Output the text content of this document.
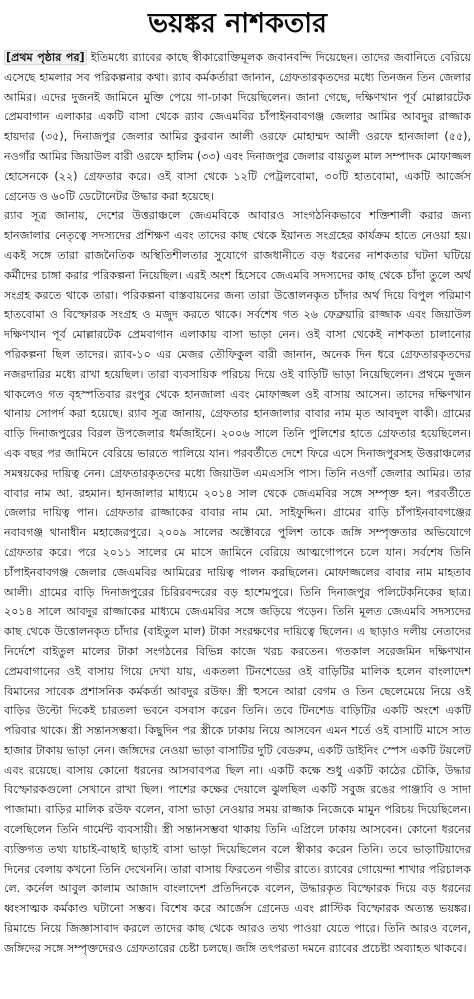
ভয়ঙ্কর নাশকতার

[প্রথম পৃষ্ঠার পর] ইতিমধ্যে র‌্যাবের কাছে স্বীকারোক্তিমূলক জবানবন্দি দিয়েছেন। তাদের জবানিতে বেরিয়ে এসেছে হামলার সব পরিকল্পনার কথা। র‌্যাব কর্মকর্তারা জানান, গ্রেফতারকৃতদের মধ্যে তিনজন তিন জেলার আমির। এদের দুজনই জামিনে মুক্তি পেয়ে গা-ঢাকা দিয়েছিলেন। জানা গেছে, দক্ষিণখান পূর্ব মোল্লারটেক প্রেমবাগান এলাকার একটি বাসা থেকে র‌্যাব জেএমবির চাঁপাইনবাবগঞ্জ জেলার আমির আবদুর রাজ্জাক হায়দার (৩৫), দিনাজপুর জেলার আমির কুরবান আলী ওরফে মোহাম্মদ আলী ওরফে হানজালা (৫৫), নওগাঁর আমির জিয়াউল বারী ওরফে হালিম (৩৩) এবং দিনাজপুর জেলার বায়তুল মাল সম্পাদক মোফাজ্জল হোসেনকে (২২) গ্রেফতার করে। ওই বাসা থেকে ১২টি পেট্রলবোমা, ৩০টি হাতবোমা, একটি আর্জেস গ্রেনেড ও ৬০টি ডেটোনেটর উদ্ধার করা হয়েছে।

র‌্যাব সূত্র জানায়, দেশের উত্তরাঞ্চলে জেএমবিকে আবারও সাংগঠনিকভাবে শক্তিশালী করার জন্য হানজালার নেতৃত্বে সদস্যদের প্রশিক্ষণ এবং তাদের কাছ থেকে ইয়ানত সংগ্রহের কার্যক্রম হাতে নেওয়া হয়। একই সঙ্গে তারা রাজনৈতিক অস্থিতিশীলতার সুযোগে রাজধানীতে বড় ধরনের নাশকতার ঘটনা ঘটিয়ে কর্মীদের চাঙ্গা করার পরিকল্পনা নিয়েছিল। এরই অংশ হিসেবে জেএমবি সদস্যদের কাছ থেকে চাঁদা তুলে অর্থ সংগ্রহ করতে থাকে তারা। পরিকল্পনা বাস্তবায়নের জন্য তারা উত্তোলনকৃত চাঁদার অর্থ দিয়ে বিপুল পরিমাণ হাতবোমা ও বিস্ফোরক সংগ্রহ ও মজুদ করতে থাকে। সর্বশেষ গত ২৬ ফেব্রুয়ারি রাজ্জাক এবং জিয়াউল দক্ষিণখান পূর্ব মোল্লারটেক প্রেমবাগান এলাকায় বাসা ভাড়া নেন। ওই বাসা থেকেই নাশকতা চালানোর পরিকল্পনা ছিল তাদের। র‌্যাব-১০ এর মেজর তৌফিকুল বারী জানান, অনেক দিন ধরে গ্রেফতারকৃতদের নজরদারির মধ্যে রাখা হয়েছিল। তারা ব্যবসায়িক পরিচয় দিয়ে ওই বাড়িটি ভাড়া নিয়েছিলেন। প্রথমে দুজন থাকলেও গত বৃহস্পতিবার রংপুর থেকে হানজালা এবং মোফাজ্জল ওই বাসায় আসেন। তাদের দক্ষিণখান থানায় সোপর্দ করা হয়েছে। র‌্যাব সূত্র জানায়, গ্রেফতার হানজালার বাবার নাম মৃত আবদুল বাকী। গ্রামের বাড়ি দিনাজপুরের বিরল উপজেলার ধর্মজাইনে। ২০০৬ সালে তিনি পুলিশের হাতে গ্রেফতার হয়েছিলেন। এক বছর পর জামিনে বেরিয়ে ভারতে পালিয়ে যান। পরবর্তীতে দেশে ফিরে এসে দিনাজপুরসহ উত্তরাঞ্চলের সমন্বয়কের দায়িত্ব নেন। গ্রেফতারকৃতদের মধ্যে জিয়াউল এমএসসি পাস। তিনি নওগাঁ জেলার আমির। তার বাবার নাম আ. রহমান। হানজালার মাধ্যমে ২০১৪ সাল থেকে জেএমবির সঙ্গে সম্পৃক্ত হন। পরবর্তীতে জেলার দায়িত্ব পান। গ্রেফতার রাজ্জাকের বাবার নাম মো. সাইফুদ্দিন। গ্রামের বাড়ি চাঁপাইনবাবগঞ্জের নবাবগঞ্জ থানাধীন মহাজেরপুরে। ২০০৯ সালের অক্টোবরে পুলিশ তাকে জঙ্গি সম্পৃক্ততার অভিযোগে গ্রেফতার করে। পরে ২০১১ সালের মে মাসে জামিনে বেরিয়ে আত্মগোপনে চলে যান। সর্বশেষ তিনি চাঁপাইনবাবগঞ্জ জেলার জেএমবির আমিরের দায়িত্ব পালন করছিলেন। মোফাজ্জলের বাবার নাম মাহতাব আলী। গ্রামের বাড়ি দিনাজপুরের চিরিরবন্দরের বড় হাশেমপুরে। তিনি দিনাজপুর পলিটেকনিকের ছাত্র। ২০১৪ সালে আবদুর রাজ্জাকের মাধ্যমে জেএমবির সঙ্গে জড়িয়ে পড়েন। তিনি মূলত জেএমবি সদস্যদের কাছ থেকে উত্তোলনকৃত চাঁদার (বাইতুল মাল) টাকা সংরক্ষণের দায়িত্বে ছিলেন। এ ছাড়াও দলীয় নেতাদের নির্দেশে বাইতুল মালের টাকা সংগঠনের বিভিন্ন কাজে খরচ করতেন। গতকাল সরেজমিন দক্ষিণখান প্রেমবাগানের ওই বাসায় গিয়ে দেখা যায়, একতলা টিনশেডের ওই বাড়িটির মালিক হলেন বাংলাদেশ বিমানের সাবেক প্রশাসনিক কর্মকর্তা আবদুর রউফ। স্ত্রী হুসনে আরা বেগম ও তিন ছেলেমেয়ে নিয়ে ওই বাড়ির উল্টো দিকেই চারতলা ভবনে বসবাস করেন তিনি। তবে টিনশেড বাড়িটির একটি অংশে একটি পরিবার থাকে। স্ত্রী সন্তানসম্ভবা। কিছুদিন পর স্ত্রীকে ঢাকায় নিয়ে আসবেন এমন শর্তে ওই বাসাটি মাসে সাত হাজার টাকায় ভাড়া নেন। জঙ্গিদের নেওয়া ভাড়া বাসাটির দুটি বেডরুম, একটি ডাইনিং স্পেস একটি টয়লেট এবং রয়েছে। বাসায় কোনো ধরনের আসবাবপত্র ছিল না। একটি কক্ষে শুধু একটি কাঠের চৌকি, উদ্ধার বিস্ফোরকগুলো সেখানে রাখা ছিল। পাশের কক্ষের দেয়ালে ঝুলছিল একটি সবুজ রঙের পাঞ্জাবি ও সাদা পাজামা। বাড়ির মালিক রউফ বলেন, বাসা ভাড়া নেওয়ার সময় রাজ্জাক নিজেকে মামুন পরিচয় দিয়েছিলেন। বলেছিলেন তিনি গার্মেন্ট ব্যবসায়ী। স্ত্রী সন্তানসম্ভবা থাকায় তিনি এপ্রিলে ঢাকায় আসবেন। কোনো ধরনের ব্যক্তিগত তথ্য যাচাই-বাছাই ছাড়াই বাসা ভাড়া দিয়েছিলেন বলে স্বীকার করেন তিনি। তবে ভাড়াটিয়াদের দিনের বেলায় কখনো তিনি দেখেননি। তারা বাসায় ফিরতেন গভীর রাতে। র‌্যাবের গোয়েন্দা শাখার পরিচালক লে. কর্নেল আবুল কালাম আজাদ বাংলাদেশ প্রতিদিনকে বলেন, উদ্ধারকৃত বিস্ফোরক দিয়ে বড় ধরনের ধ্বংসাত্মক কর্মকাণ্ড ঘটানো সম্ভব। বিশেষ করে আর্জেস গ্রেনেড এবং প্লাস্টিক বিস্ফোরক অত্যন্ত ভয়ঙ্কর। রিমান্ডে নিয়ে জিজ্ঞাসাবাদ করলে তাদের কাছ থেকে আরও তথ্য পাওয়া যেতে পারে। তিনি আরও বলেন, জঙ্গিদের সঙ্গে সম্পৃক্তদেরও গ্রেফতারের চেষ্টা চলছে। জঙ্গি তৎপরতা দমনে র‌্যাবের প্রচেষ্টা অব্যাহত থাকবে।
